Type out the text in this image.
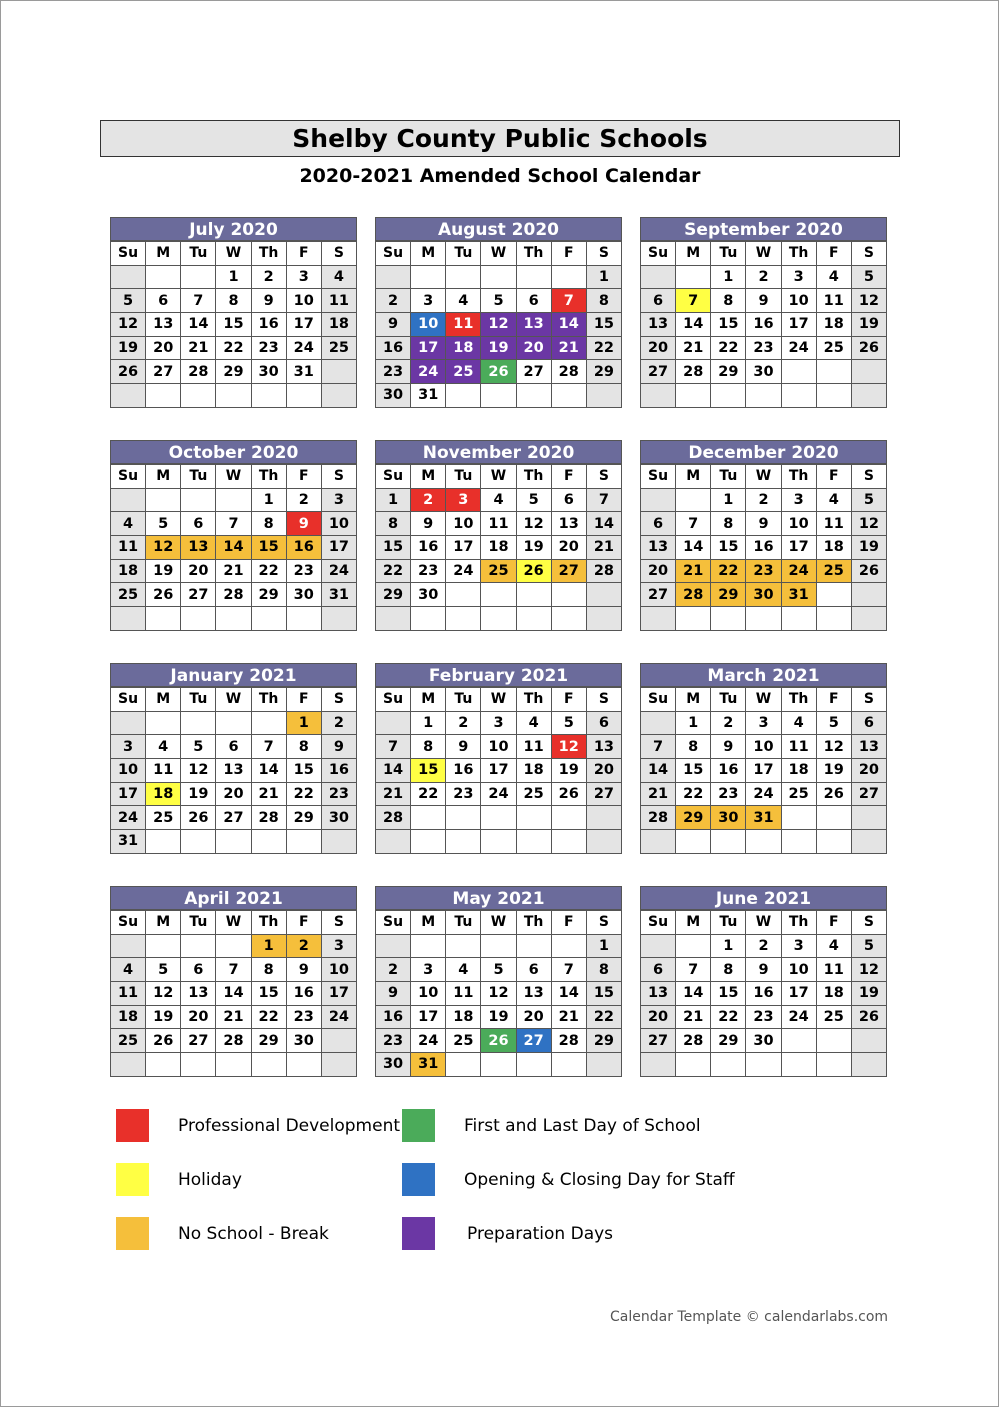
Shelby County Public Schools
2020-2021 Amended School Calendar
July 2020
Su	M	Tu	W	Th	F	S
			1	2	3	4
5	6	7	8	9	10	11
12	13	14	15	16	17	18
19	20	21	22	23	24	25
26	27	28	29	30	31	

August 2020
Su	M	Tu	W	Th	F	S
						1
2	3	4	5	6	7	8
9	10	11	12	13	14	15
16	17	18	19	20	21	22
23	24	25	26	27	28	29
30	31					
September 2020
Su	M	Tu	W	Th	F	S
		1	2	3	4	5
6	7	8	9	10	11	12
13	14	15	16	17	18	19
20	21	22	23	24	25	26
27	28	29	30			

October 2020
Su	M	Tu	W	Th	F	S
				1	2	3
4	5	6	7	8	9	10
11	12	13	14	15	16	17
18	19	20	21	22	23	24
25	26	27	28	29	30	31

November 2020
Su	M	Tu	W	Th	F	S
1	2	3	4	5	6	7
8	9	10	11	12	13	14
15	16	17	18	19	20	21
22	23	24	25	26	27	28
29	30					

December 2020
Su	M	Tu	W	Th	F	S
		1	2	3	4	5
6	7	8	9	10	11	12
13	14	15	16	17	18	19
20	21	22	23	24	25	26
27	28	29	30	31		

January 2021
Su	M	Tu	W	Th	F	S
					1	2
3	4	5	6	7	8	9
10	11	12	13	14	15	16
17	18	19	20	21	22	23
24	25	26	27	28	29	30
31						
February 2021
Su	M	Tu	W	Th	F	S
	1	2	3	4	5	6
7	8	9	10	11	12	13
14	15	16	17	18	19	20
21	22	23	24	25	26	27
28						

March 2021
Su	M	Tu	W	Th	F	S
	1	2	3	4	5	6
7	8	9	10	11	12	13
14	15	16	17	18	19	20
21	22	23	24	25	26	27
28	29	30	31			

April 2021
Su	M	Tu	W	Th	F	S
				1	2	3
4	5	6	7	8	9	10
11	12	13	14	15	16	17
18	19	20	21	22	23	24
25	26	27	28	29	30	

May 2021
Su	M	Tu	W	Th	F	S
						1
2	3	4	5	6	7	8
9	10	11	12	13	14	15
16	17	18	19	20	21	22
23	24	25	26	27	28	29
30	31					
June 2021
Su	M	Tu	W	Th	F	S
		1	2	3	4	5
6	7	8	9	10	11	12
13	14	15	16	17	18	19
20	21	22	23	24	25	26
27	28	29	30			

Professional Development	First and Last Day of School
Holiday	Opening & Closing Day for Staff
No School - Break	Preparation Days
Calendar Template © calendarlabs.com
